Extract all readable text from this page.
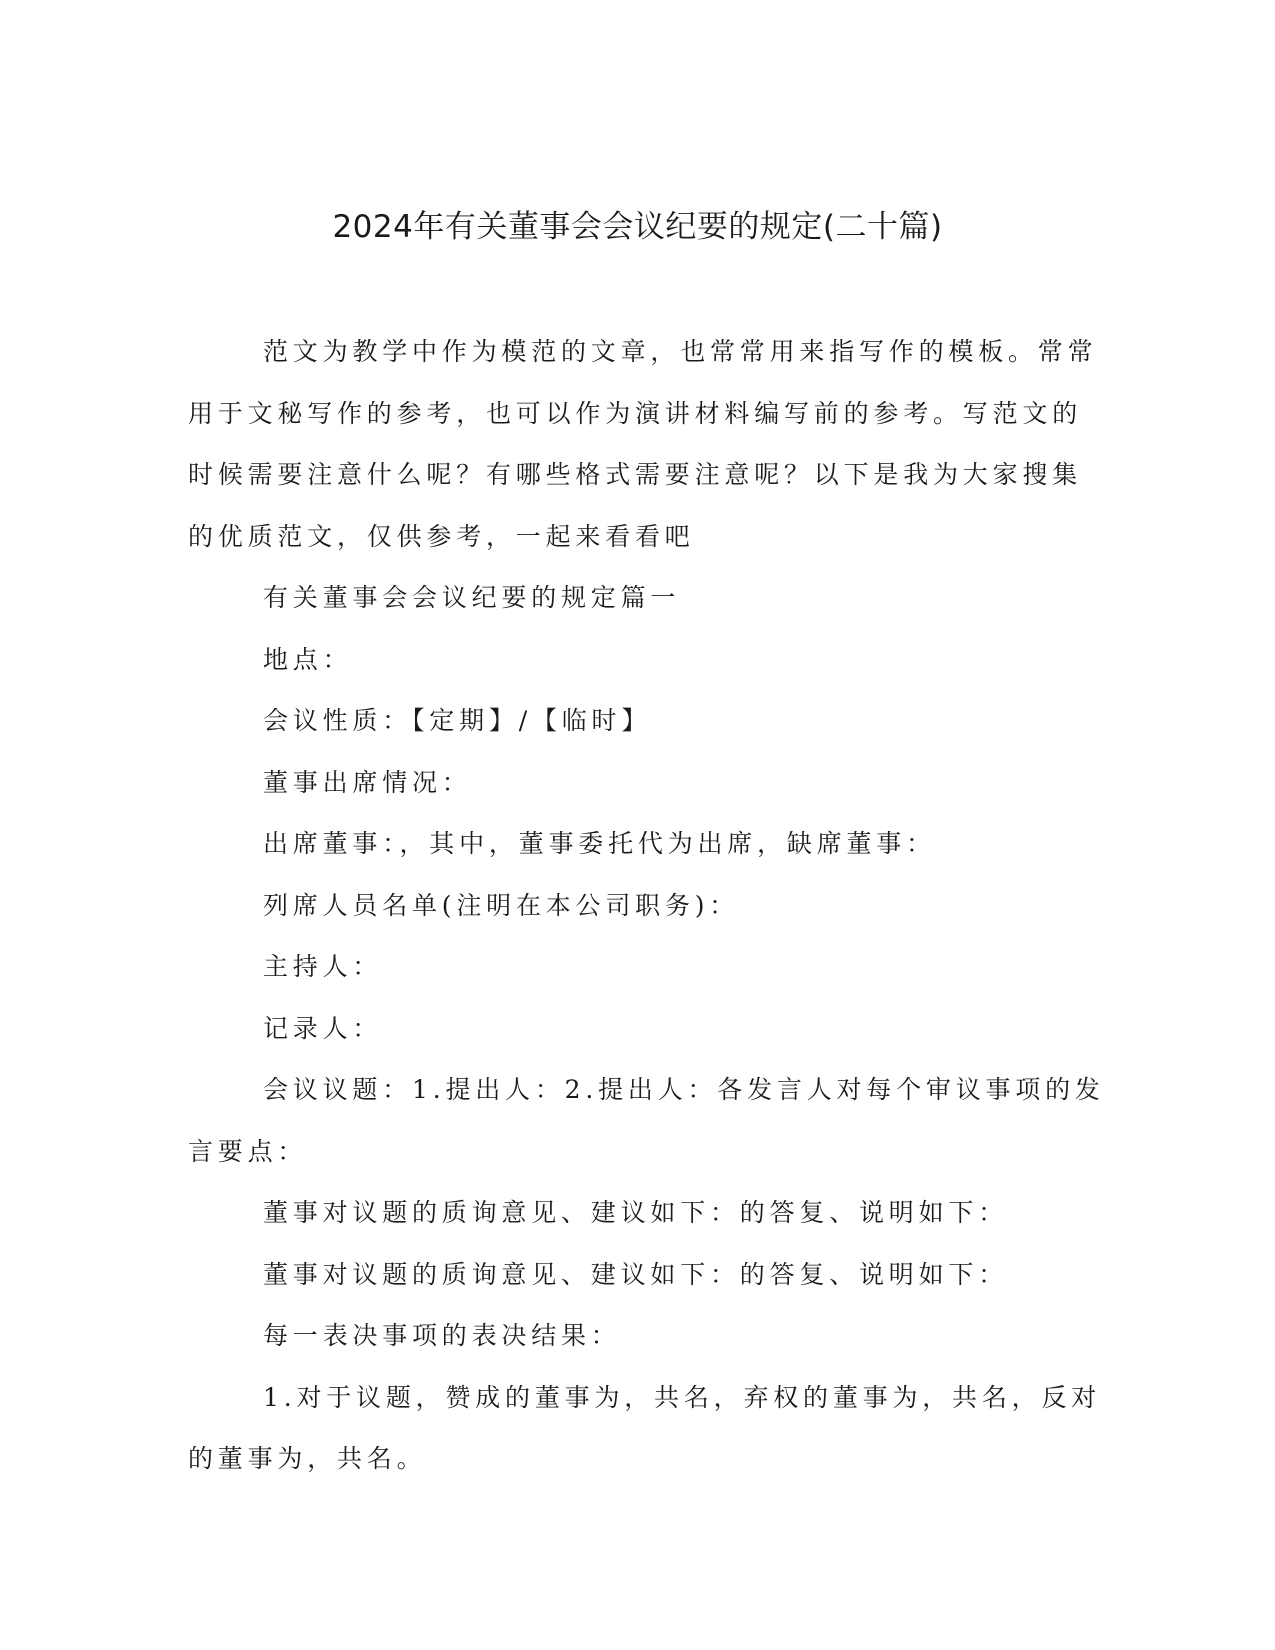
2024年有关董事会会议纪要的规定(二十篇)

范文为教学中作为模范的文章，也常常用来指写作的模板。常常

用于文秘写作的参考，也可以作为演讲材料编写前的参考。写范文的

时候需要注意什么呢？有哪些格式需要注意呢？以下是我为大家搜集

的优质范文，仅供参考，一起来看看吧

有关董事会会议纪要的规定篇一

地点：

会议性质：【定期】/【临时】

董事出席情况：

出席董事：，其中，董事委托代为出席，缺席董事：

列席人员名单(注明在本公司职务)：

主持人：

记录人：

会议议题：1.提出人：2.提出人：各发言人对每个审议事项的发

言要点：

董事对议题的质询意见、建议如下：的答复、说明如下：

董事对议题的质询意见、建议如下：的答复、说明如下：

每一表决事项的表决结果：

1.对于议题，赞成的董事为，共名，弃权的董事为，共名，反对

的董事为，共名。
